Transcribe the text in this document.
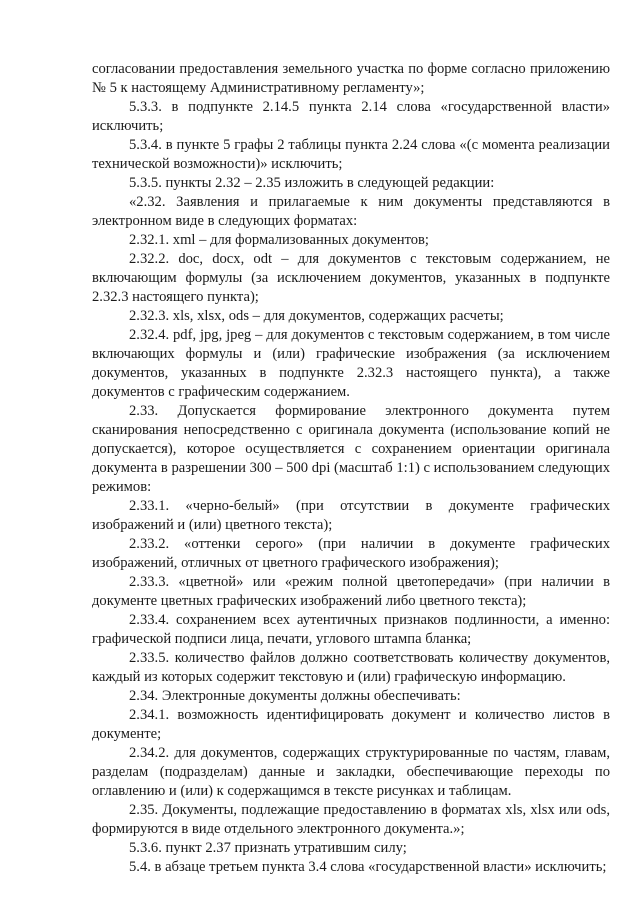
согласовании предоставления земельного участка по форме согласно приложению № 5 к настоящему Административному регламенту»;

5.3.3. в подпункте 2.14.5 пункта 2.14 слова «государственной власти» исключить;

5.3.4. в пункте 5 графы 2 таблицы пункта 2.24 слова «(с момента реализации технической возможности)» исключить;

5.3.5. пункты 2.32 – 2.35 изложить в следующей редакции:

«2.32. Заявления и прилагаемые к ним документы представляются в электронном виде в следующих форматах:

2.32.1. xml – для формализованных документов;

2.32.2. doc, docx, odt – для документов с текстовым содержанием, не включающим формулы (за исключением документов, указанных в подпункте 2.32.3 настоящего пункта);

2.32.3. xls, xlsx, ods – для документов, содержащих расчеты;

2.32.4. pdf, jpg, jpeg – для документов с текстовым содержанием, в том числе включающих формулы и (или) графические изображения (за исключением документов, указанных в подпункте 2.32.3 настоящего пункта), а также документов с графическим содержанием.

2.33. Допускается формирование электронного документа путем сканирования непосредственно с оригинала документа (использование копий не допускается), которое осуществляется с сохранением ориентации оригинала документа в разрешении 300 – 500 dpi (масштаб 1:1) с использованием следующих режимов:

2.33.1. «черно-белый» (при отсутствии в документе графических изображений и (или) цветного текста);

2.33.2. «оттенки серого» (при наличии в документе графических изображений, отличных от цветного графического изображения);

2.33.3. «цветной» или «режим полной цветопередачи» (при наличии в документе цветных графических изображений либо цветного текста);

2.33.4. сохранением всех аутентичных признаков подлинности, а именно: графической подписи лица, печати, углового штампа бланка;

2.33.5. количество файлов должно соответствовать количеству документов, каждый из которых содержит текстовую и (или) графическую информацию.

2.34. Электронные документы должны обеспечивать:

2.34.1. возможность идентифицировать документ и количество листов в документе;

2.34.2. для документов, содержащих структурированные по частям, главам, разделам (подразделам) данные и закладки, обеспечивающие переходы по оглавлению и (или) к содержащимся в тексте рисунках и таблицам.

2.35. Документы, подлежащие предоставлению в форматах xls, xlsx или ods, формируются в виде отдельного электронного документа.»;

5.3.6. пункт 2.37 признать утратившим силу;

5.4. в абзаце третьем пункта 3.4 слова «государственной власти» исключить;
